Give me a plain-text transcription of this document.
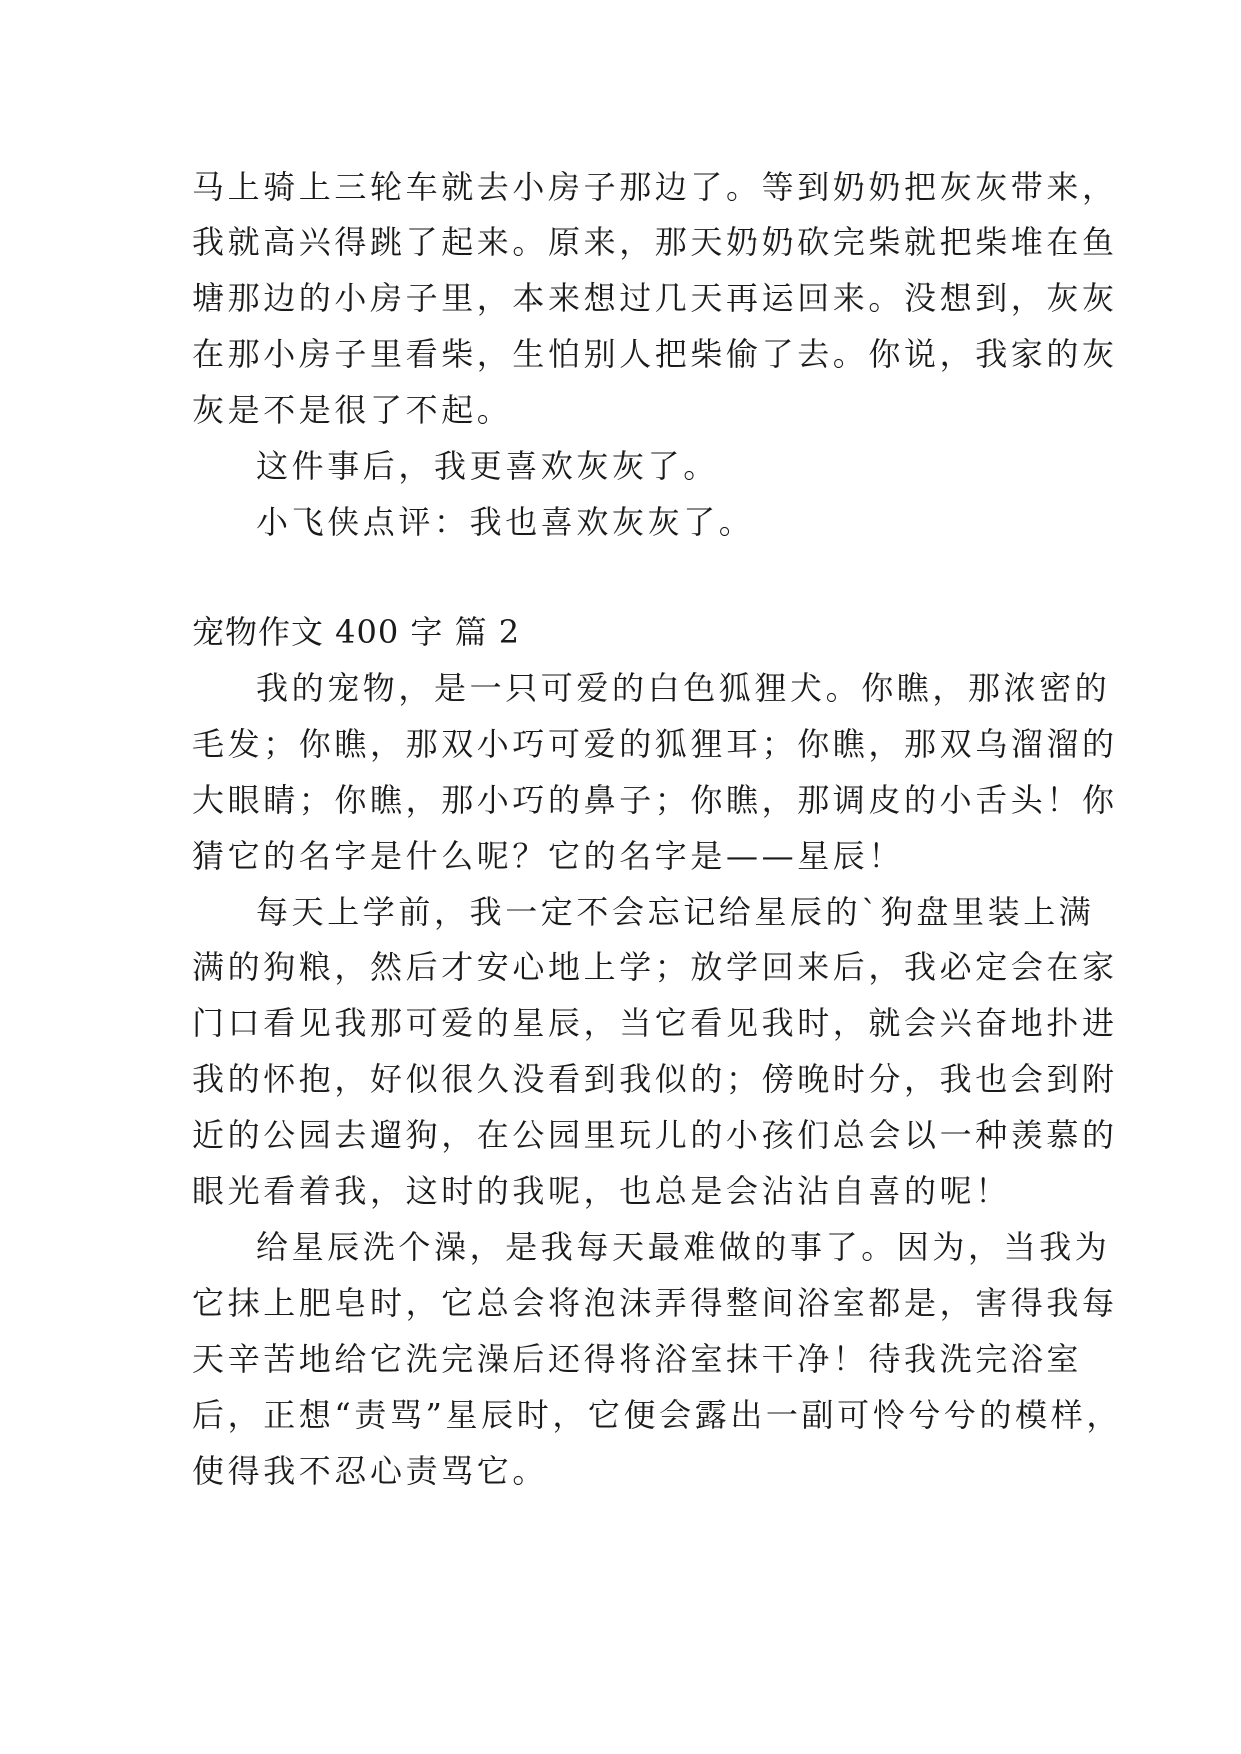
马上骑上三轮车就去小房子那边了。等到奶奶把灰灰带来，
我就高兴得跳了起来。原来，那天奶奶砍完柴就把柴堆在鱼
塘那边的小房子里，本来想过几天再运回来。没想到，灰灰
在那小房子里看柴，生怕别人把柴偷了去。你说，我家的灰
灰是不是很了不起。
这件事后，我更喜欢灰灰了。
小飞侠点评：我也喜欢灰灰了。
宠物作文 400 字 篇 2
我的宠物，是一只可爱的白色狐狸犬。你瞧，那浓密的
毛发；你瞧，那双小巧可爱的狐狸耳；你瞧，那双乌溜溜的
大眼睛；你瞧，那小巧的鼻子；你瞧，那调皮的小舌头！你
猜它的名字是什么呢？它的名字是——星辰！
每天上学前，我一定不会忘记给星辰的`狗盘里装上满
满的狗粮，然后才安心地上学；放学回来后，我必定会在家
门口看见我那可爱的星辰，当它看见我时，就会兴奋地扑进
我的怀抱，好似很久没看到我似的；傍晚时分，我也会到附
近的公园去遛狗，在公园里玩儿的小孩们总会以一种羡慕的
眼光看着我，这时的我呢，也总是会沾沾自喜的呢！
给星辰洗个澡，是我每天最难做的事了。因为，当我为
它抹上肥皂时，它总会将泡沫弄得整间浴室都是，害得我每
天辛苦地给它洗完澡后还得将浴室抹干净！待我洗完浴室
后，正想“责骂”星辰时，它便会露出一副可怜兮兮的模样，
使得我不忍心责骂它。
